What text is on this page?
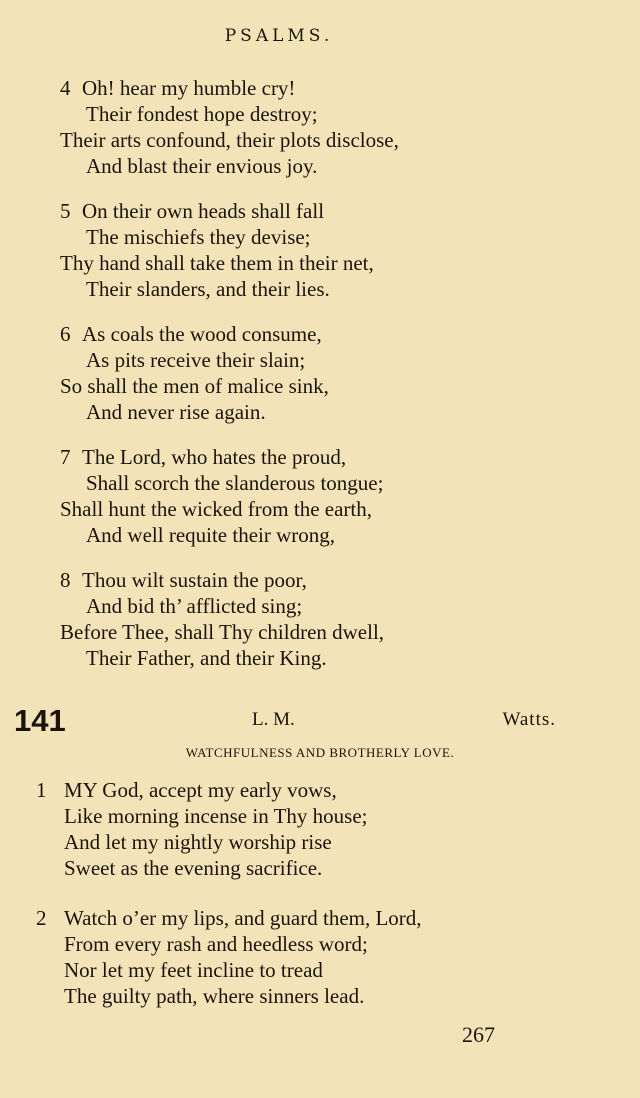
PSALMS.
4 Oh! hear my humble cry!
Their fondest hope destroy;
Their arts confound, their plots disclose,
And blast their envious joy.
5 On their own heads shall fall
The mischiefs they devise;
Thy hand shall take them in their net,
Their slanders, and their lies.
6 As coals the wood consume,
As pits receive their slain;
So shall the men of malice sink,
And never rise again.
7 The Lord, who hates the proud,
Shall scorch the slanderous tongue;
Shall hunt the wicked from the earth,
And well requite their wrong,
8 Thou wilt sustain the poor,
And bid th’ afflicted sing;
Before Thee, shall Thy children dwell,
Their Father, and their King.
141	L. M.	Watts.
WATCHFULNESS AND BROTHERLY LOVE.
1 MY God, accept my early vows,
Like morning incense in Thy house;
And let my nightly worship rise
Sweet as the evening sacrifice.
2 Watch o’er my lips, and guard them, Lord,
From every rash and heedless word;
Nor let my feet incline to tread
The guilty path, where sinners lead.
267
